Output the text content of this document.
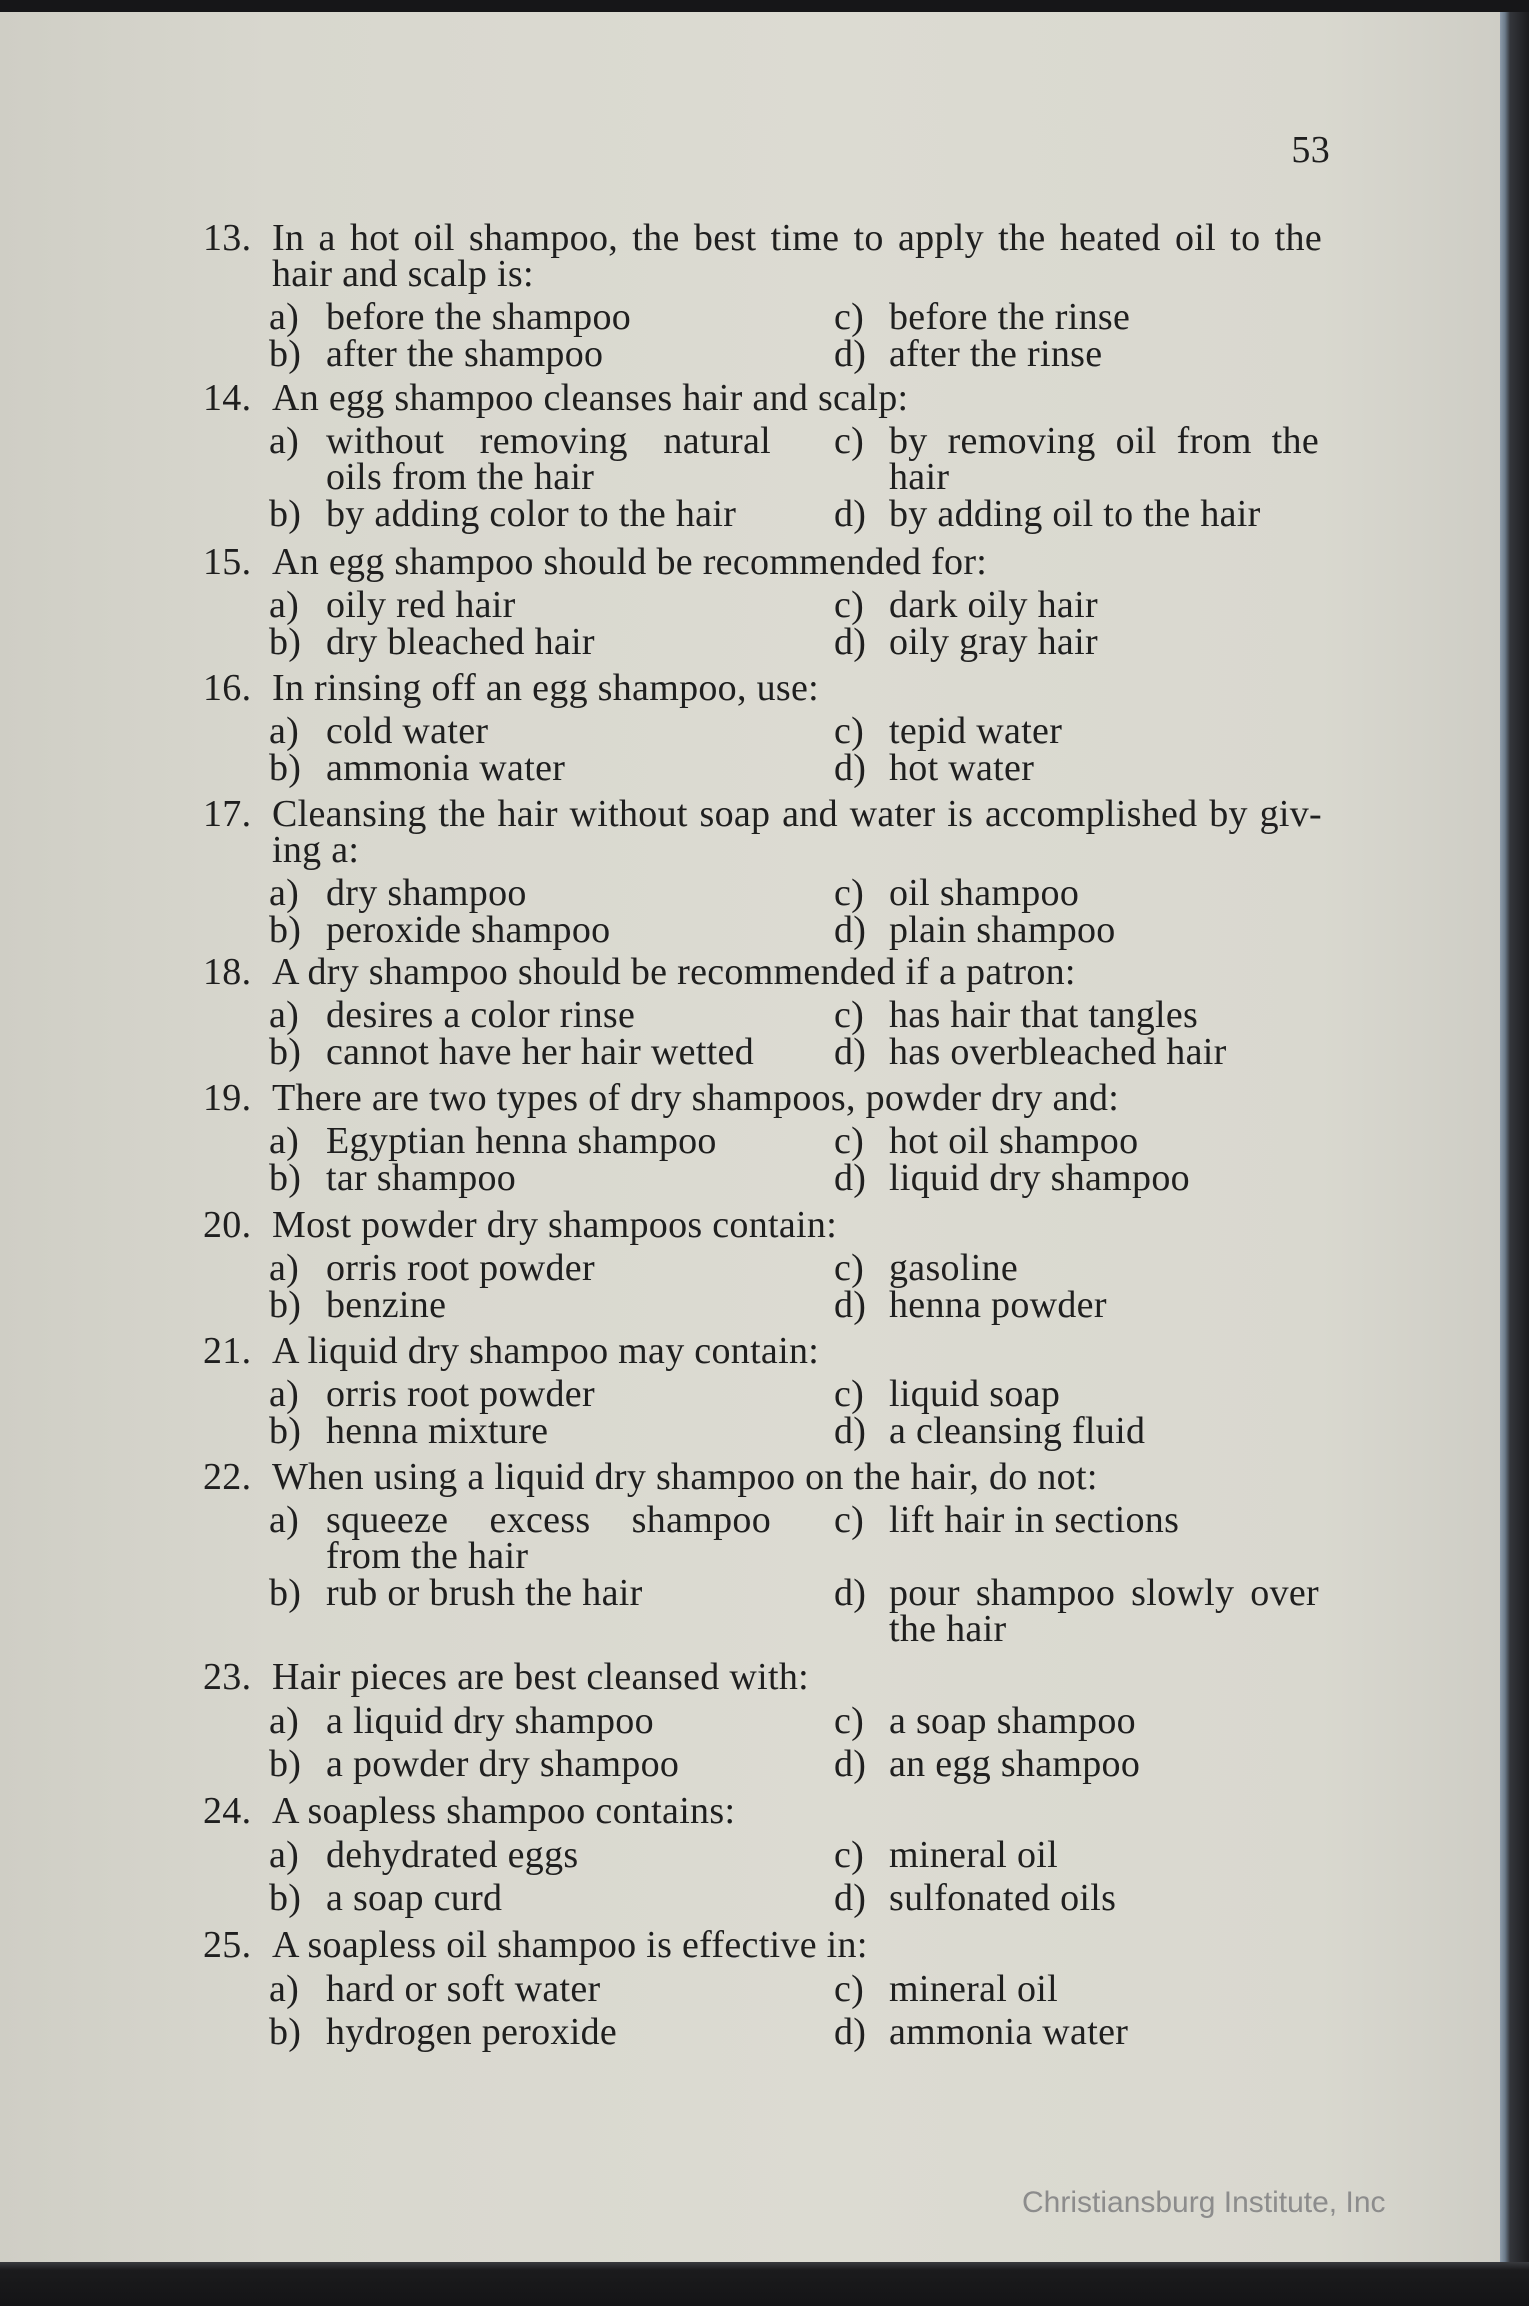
53
13. In a hot oil shampoo, the best time to apply the heated oil to the hair and scalp is:

a) before the shampoo
b) after the shampoo
c) before the rinse
d) after the rinse
14. An egg shampoo cleanses hair and scalp:

a) without removing natural oils from the hair
b) by adding color to the hair
c) by removing oil from the hair
d) by adding oil to the hair
15. An egg shampoo should be recommended for:

a) oily red hair
b) dry bleached hair
c) dark oily hair
d) oily gray hair
16. In rinsing off an egg shampoo, use:

a) cold water
b) ammonia water
c) tepid water
d) hot water
17. Cleansing the hair without soap and water is accomplished by giv-ing a:

a) dry shampoo
b) peroxide shampoo
c) oil shampoo
d) plain shampoo
18. A dry shampoo should be recommended if a patron:

a) desires a color rinse
b) cannot have her hair wetted
c) has hair that tangles
d) has overbleached hair
19. There are two types of dry shampoos, powder dry and:

a) Egyptian henna shampoo
b) tar shampoo
c) hot oil shampoo
d) liquid dry shampoo
20. Most powder dry shampoos contain:

a) orris root powder
b) benzine
c) gasoline
d) henna powder
21. A liquid dry shampoo may contain:

a) orris root powder
b) henna mixture
c) liquid soap
d) a cleansing fluid
22. When using a liquid dry shampoo on the hair, do not:

a) squeeze excess shampoo from the hair
b) rub or brush the hair
c) lift hair in sections
d) pour shampoo slowly over the hair
23. Hair pieces are best cleansed with:

a) a liquid dry shampoo
b) a powder dry shampoo
c) a soap shampoo
d) an egg shampoo
24. A soapless shampoo contains:

a) dehydrated eggs
b) a soap curd
c) mineral oil
d) sulfonated oils
25. A soapless oil shampoo is effective in:

a) hard or soft water
b) hydrogen peroxide
c) mineral oil
d) ammonia water
Christiansburg Institute, Inc
